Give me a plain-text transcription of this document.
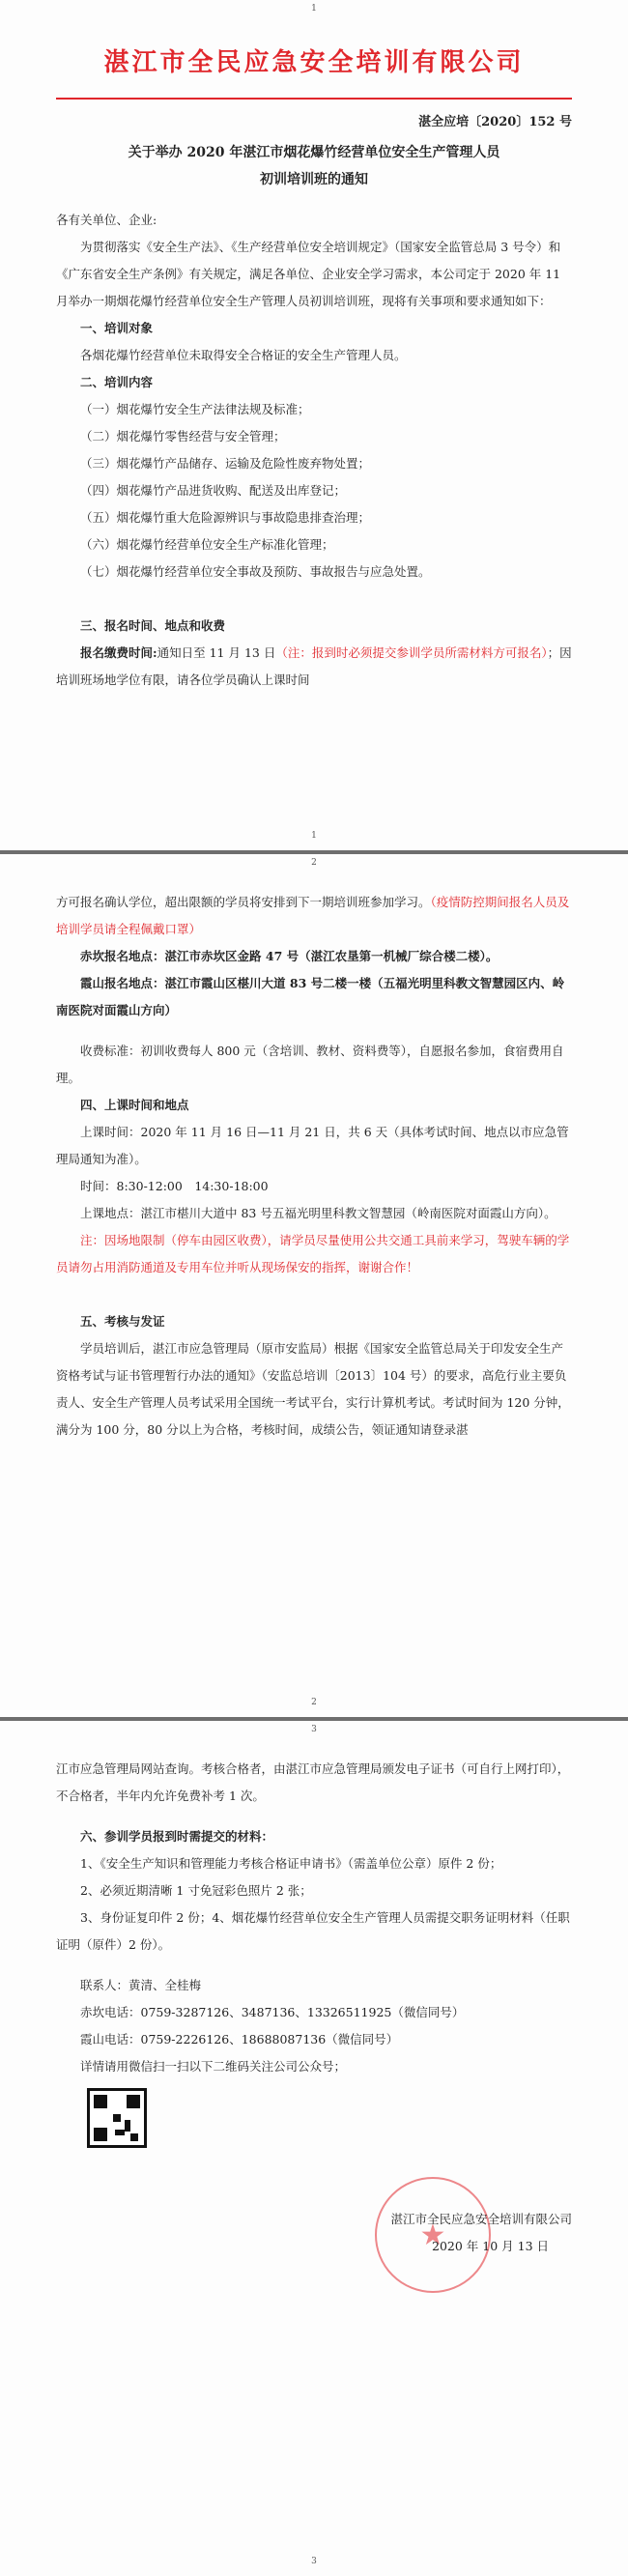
1
湛江市全民应急安全培训有限公司
湛全应培〔2020〕152 号
关于举办 2020 年湛江市烟花爆竹经营单位安全生产管理人员
初训培训班的通知

各有关单位、企业:

为贯彻落实《安全生产法》、《生产经营单位安全培训规定》（国家安全监管总局 3 号令）和《广东省安全生产条例》有关规定，满足各单位、企业安全学习需求，本公司定于 2020 年 11 月举办一期烟花爆竹经营单位安全生产管理人员初训培训班，现将有关事项和要求通知如下：

一、培训对象

各烟花爆竹经营单位未取得安全合格证的安全生产管理人员。

二、培训内容

（一）烟花爆竹安全生产法律法规及标准；

（二）烟花爆竹零售经营与安全管理；

（三）烟花爆竹产品储存、运输及危险性废弃物处置；

（四）烟花爆竹产品进货收购、配送及出库登记；

（五）烟花爆竹重大危险源辨识与事故隐患排查治理；

（六）烟花爆竹经营单位安全生产标准化管理；

（七）烟花爆竹经营单位安全事故及预防、事故报告与应急处置。

三、报名时间、地点和收费

报名缴费时间:通知日至 11 月 13 日（注：报到时必须提交参训学员所需材料方可报名）；因培训班场地学位有限，请各位学员确认上课时间

1
2

方可报名确认学位，超出限额的学员将安排到下一期培训班参加学习。（疫情防控期间报名人员及培训学员请全程佩戴口罩）

赤坎报名地点：湛江市赤坎区金路 47 号（湛江农垦第一机械厂综合楼二楼）。

霞山报名地点：湛江市霞山区椹川大道 83 号二楼一楼（五福光明里科教文智慧园区内、岭南医院对面霞山方向）

收费标准：初训收费每人 800 元（含培训、教材、资料费等），自愿报名参加，食宿费用自理。

四、上课时间和地点

上课时间：2020 年 11 月 16 日—11 月 21 日，共 6 天（具体考试时间、地点以市应急管理局通知为准）。

时间：8:30-12:00　14:30-18:00

上课地点：湛江市椹川大道中 83 号五福光明里科教文智慧园（岭南医院对面霞山方向）。

注：因场地限制（停车由园区收费），请学员尽量使用公共交通工具前来学习，驾驶车辆的学员请勿占用消防通道及专用车位并听从现场保安的指挥，谢谢合作！

五、考核与发证

学员培训后，湛江市应急管理局（原市安监局）根据《国家安全监管总局关于印发安全生产资格考试与证书管理暂行办法的通知》（安监总培训〔2013〕104 号）的要求，高危行业主要负责人、安全生产管理人员考试采用全国统一考试平台，实行计算机考试。考试时间为 120 分钟，满分为 100 分，80 分以上为合格，考核时间，成绩公告，领证通知请登录湛

2
3

江市应急管理局网站查询。考核合格者，由湛江市应急管理局颁发电子证书（可自行上网打印），不合格者，半年内允许免费补考 1 次。

六、参训学员报到时需提交的材料：

1、《安全生产知识和管理能力考核合格证申请书》（需盖单位公章）原件 2 份；

2、必须近期清晰 1 寸免冠彩色照片 2 张；

3、身份证复印件 2 份；4、烟花爆竹经营单位安全生产管理人员需提交职务证明材料（任职证明（原件）2 份）。

联系人：黄清、全桂梅

赤坎电话：0759-3287126、3487136、13326511925（微信同号）

霞山电话：0759-2226126、18688087136（微信同号）

详情请用微信扫一扫以下二维码关注公司公众号；

★
湛江市全民应急安全培训有限公司
2020 年 10 月 13 日
3
